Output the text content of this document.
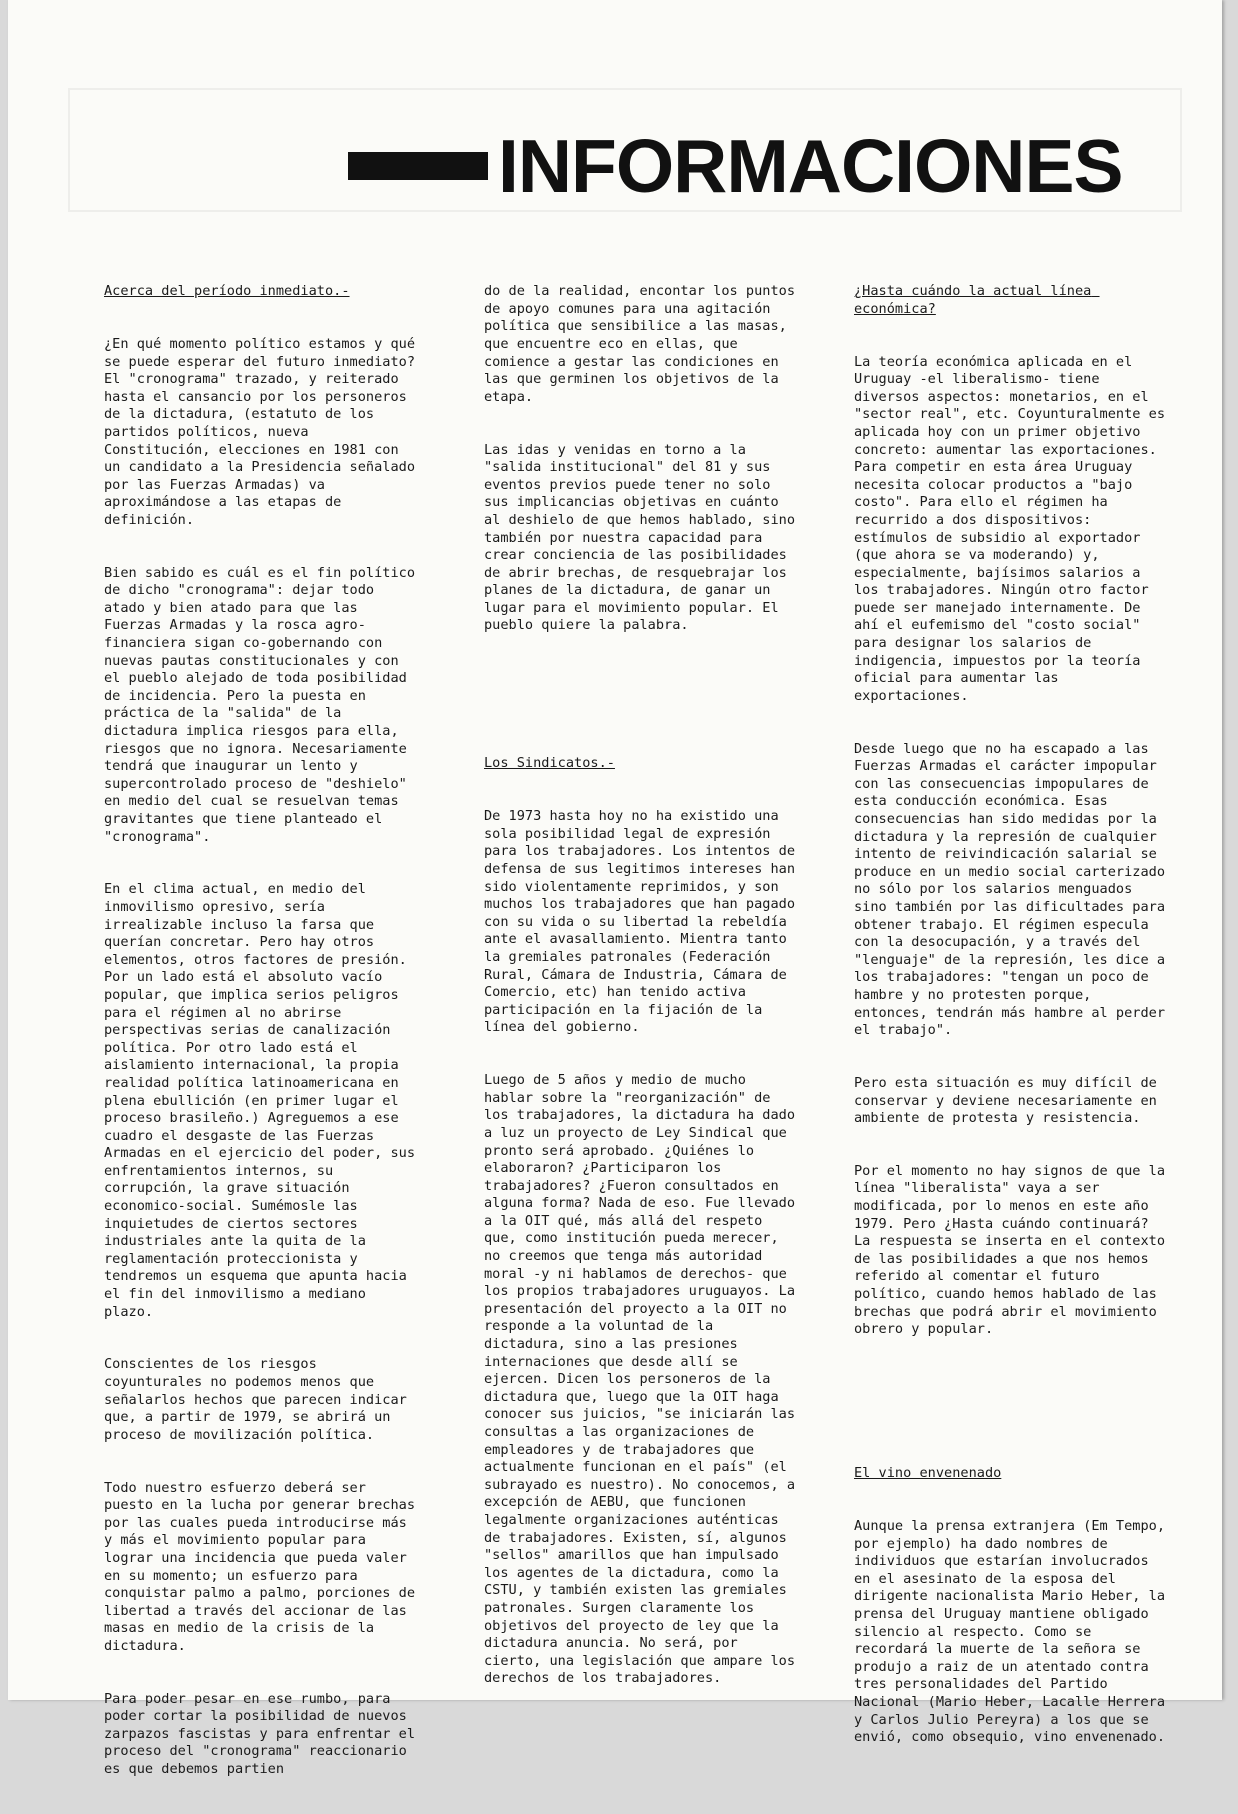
INFORMACIONES

Acerca del período inmediato.-

¿En qué momento político estamos y qué se puede esperar del futuro inmediato? El "cronograma" trazado, y reiterado hasta el cansancio por los personeros de la dictadura, (estatuto de los partidos políticos, nueva Constitución, elecciones en 1981 con un candidato a la Presidencia señalado por las Fuerzas Armadas) va aproximándose a las etapas de definición.

Bien sabido es cuál es el fin político de dicho "cronograma": dejar todo atado y bien atado para que las Fuerzas Armadas y la rosca agro-financiera sigan co-gobernando con nuevas pautas constitucionales y con el pueblo alejado de toda posibilidad de incidencia. Pero la puesta en práctica de la "salida" de la dictadura implica riesgos para ella, riesgos que no ignora. Necesariamente tendrá que inaugurar un lento y supercontrolado proceso de "deshielo" en medio del cual se resuelvan temas gravitantes que tiene planteado el "cronograma".

En el clima actual, en medio del inmovilismo opresivo, sería irrealizable incluso la farsa que querían concretar. Pero hay otros elementos, otros factores de presión. Por un lado está el absoluto vacío popular, que implica serios peligros para el régimen al no abrirse perspectivas serias de canalización política. Por otro lado está el aislamiento internacional, la propia realidad política latinoamericana en plena ebullición (en primer lugar el proceso brasileño.) Agreguemos a ese cuadro el desgaste de las Fuerzas Armadas en el ejercicio del poder, sus enfrentamientos internos, su corrupción, la grave situación economico-social. Sumémosle las inquietudes de ciertos sectores industriales ante la quita de la reglamentación proteccionista y tendremos un esquema que apunta hacia el fin del inmovilismo a mediano plazo.

Conscientes de los riesgos coyunturales no podemos menos que señalarlos hechos que parecen indicar que, a partir de 1979, se abrirá un proceso de movilización política.

Todo nuestro esfuerzo deberá ser puesto en la lucha por generar brechas por las cuales pueda introducirse más y más el movimiento popular para lograr una incidencia que pueda valer en su momento; un esfuerzo para conquistar palmo a palmo, porciones de libertad a través del accionar de las masas en medio de la crisis de la dictadura.

Para poder pesar en ese rumbo, para poder cortar la posibilidad de nuevos zarpazos fascistas y para enfrentar el proceso del "cronograma" reaccionario es que debemos partien

do de la realidad, encontar los puntos de apoyo comunes para una agitación política que sensibilice a las masas, que encuentre eco en ellas, que comience a gestar las condiciones en las que germinen los objetivos de la etapa.

Las idas y venidas en torno a la "salida institucional" del 81 y sus eventos previos puede tener no solo sus implicancias objetivas en cuánto al deshielo de que hemos hablado, sino también por nuestra capacidad para crear conciencia de las posibilidades de abrir brechas, de resquebrajar los planes de la dictadura, de ganar un lugar para el movimiento popular. El pueblo quiere la palabra.

Los Sindicatos.-

De 1973 hasta hoy no ha existido una sola posibilidad legal de expresión para los trabajadores. Los intentos de defensa de sus legitimos intereses han sido violentamente reprimidos, y son muchos los trabajadores que han pagado con su vida o su libertad la rebeldía ante el avasallamiento. Mientra tanto la gremiales patronales (Federación Rural, Cámara de Industria, Cámara de Comercio, etc) han tenido activa participación en la fijación de la línea del gobierno.

Luego de 5 años y medio de mucho hablar sobre la "reorganización" de los trabajadores, la dictadura ha dado a luz un proyecto de Ley Sindical que pronto será aprobado. ¿Quiénes lo elaboraron? ¿Participaron los trabajadores? ¿Fueron consultados en alguna forma? Nada de eso. Fue llevado a la OIT qué, más allá del respeto que, como institución pueda merecer, no creemos que tenga más autoridad moral -y ni hablamos de derechos- que los propios trabajadores uruguayos. La presentación del proyecto a la OIT no responde a la voluntad de la dictadura, sino a las presiones internaciones que desde allí se ejercen. Dicen los personeros de la dictadura que, luego que la OIT haga conocer sus juicios, "se iniciarán las consultas a las organizaciones de empleadores y de trabajadores que actualmente funcionan en el país" (el subrayado es nuestro). No conocemos, a excepción de AEBU, que funcionen legalmente organizaciones auténticas de trabajadores. Existen, sí, algunos "sellos" amarillos que han impulsado los agentes de la dictadura, como la CSTU, y también existen las gremiales patronales. Surgen claramente los objetivos del proyecto de ley que la dictadura anuncia. No será, por cierto, una legislación que ampare los derechos de los trabajadores.

¿Hasta cuándo la actual línea económica?

La teoría económica aplicada en el Uruguay -el liberalismo- tiene diversos aspectos: monetarios, en el "sector real", etc. Coyunturalmente es aplicada hoy con un primer objetivo concreto: aumentar las exportaciones. Para competir en esta área Uruguay necesita colocar productos a "bajo costo". Para ello el régimen ha recurrido a dos dispositivos: estímulos de subsidio al exportador (que ahora se va moderando) y, especialmente, bajísimos salarios a los trabajadores. Ningún otro factor puede ser manejado internamente. De ahí el eufemismo del "costo social" para designar los salarios de indigencia, impuestos por la teoría oficial para aumentar las exportaciones.

Desde luego que no ha escapado a las Fuerzas Armadas el carácter impopular con las consecuencias impopulares de esta conducción económica. Esas consecuencias han sido medidas por la dictadura y la represión de cualquier intento de reivindicación salarial se produce en un medio social carterizado no sólo por los salarios menguados sino también por las dificultades para obtener trabajo. El régimen especula con la desocupación, y a través del "lenguaje" de la represión, les dice a los trabajadores: "tengan un poco de hambre y no protesten porque, entonces, tendrán más hambre al perder el trabajo".

Pero esta situación es muy difícil de conservar y deviene necesariamente en ambiente de protesta y resistencia.

Por el momento no hay signos de que la línea "liberalista" vaya a ser modificada, por lo menos en este año 1979. Pero ¿Hasta cuándo continuará? La respuesta se inserta en el contexto de las posibilidades a que nos hemos referido al comentar el futuro político, cuando hemos hablado de las brechas que podrá abrir el movimiento obrero y popular.

El vino envenenado

Aunque la prensa extranjera (Em Tempo, por ejemplo) ha dado nombres de individuos que estarían involucrados en el asesinato de la esposa del dirigente nacionalista Mario Heber, la prensa del Uruguay mantiene obligado silencio al respecto. Como se recordará la muerte de la señora se produjo a raiz de un atentado contra tres personalidades del Partido Nacional (Mario Heber, Lacalle Herrera y Carlos Julio Pereyra) a los que se envió, como obsequio, vino envenenado.
